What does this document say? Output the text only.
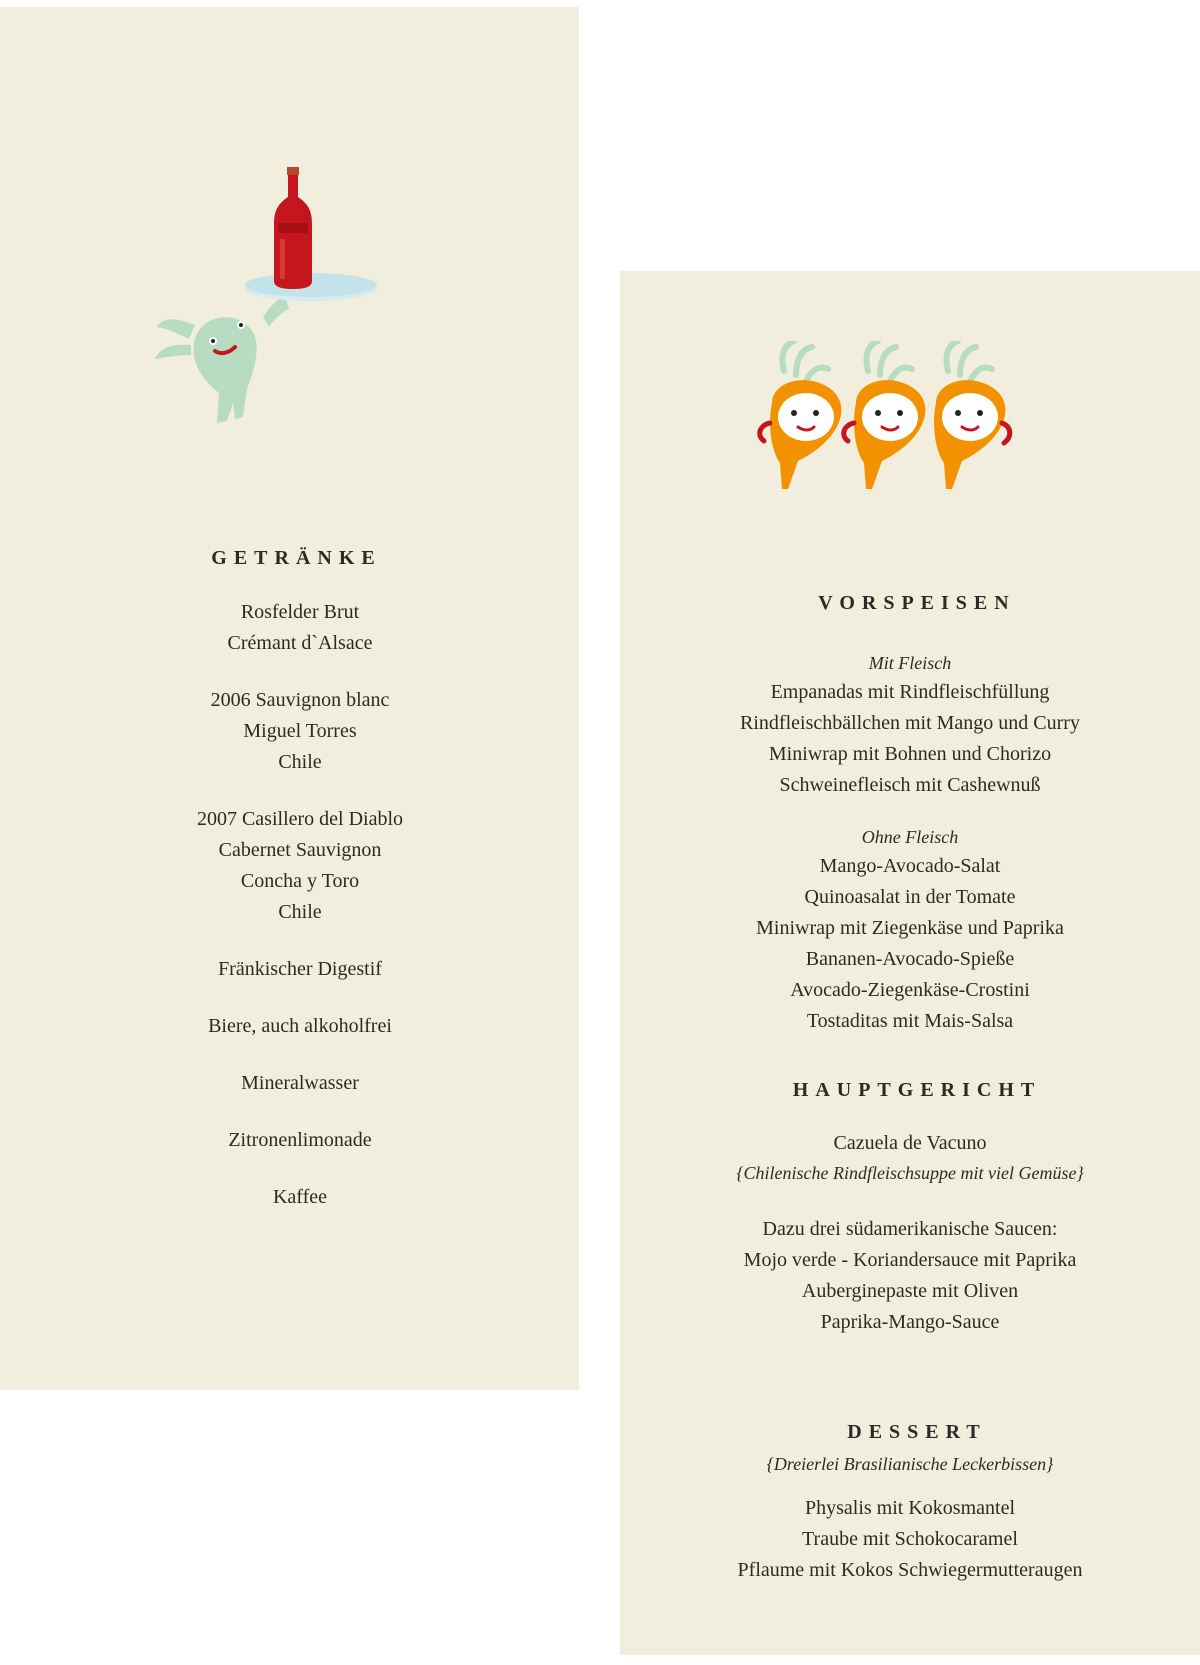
GETRÄNKE

Rosfelder Brut

Crémant d`Alsace

2006 Sauvignon blanc

Miguel Torres

Chile

2007 Casillero del Diablo

Cabernet Sauvignon

Concha y Toro

Chile

Fränkischer Digestif

Biere, auch alkoholfrei

Mineralwasser

Zitronenlimonade

Kaffee

VORSPEISEN

Mit Fleisch

Empanadas mit Rindfleischfüllung

Rindfleischbällchen mit Mango und Curry

Miniwrap mit Bohnen und Chorizo

Schweinefleisch mit Cashewnuß

Ohne Fleisch

Mango-Avocado-Salat

Quinoasalat in der Tomate

Miniwrap mit Ziegenkäse und Paprika

Bananen-Avocado-Spieße

Avocado-Ziegenkäse-Crostini

Tostaditas mit Mais-Salsa

HAUPTGERICHT

Cazuela de Vacuno

{Chilenische Rindfleischsuppe mit viel Gemüse}

Dazu drei südamerikanische Saucen:

Mojo verde - Koriandersauce mit Paprika

Auberginepaste mit Oliven

Paprika-Mango-Sauce

DESSERT

{Dreierlei Brasilianische Leckerbissen}

Physalis mit Kokosmantel

Traube mit Schokocaramel

Pflaume mit Kokos Schwiegermutteraugen
